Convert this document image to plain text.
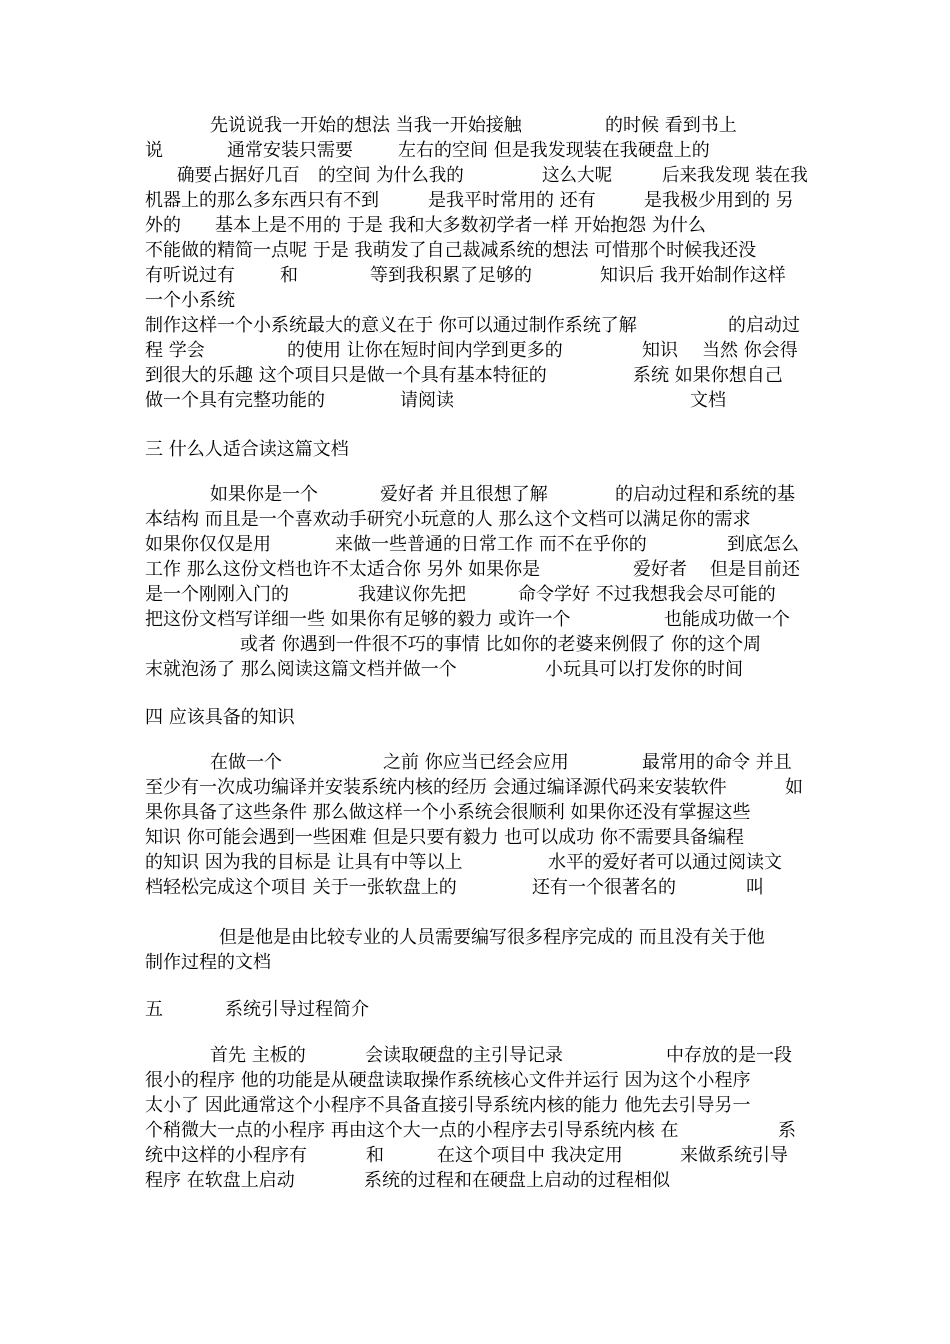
先说说我一开始的想法 当我一开始接触

	的时候 看到书上

说

	通常安装只需要

	左右的空间 但是我发现装在我硬盘上的

确要占据好几百

的空间 为什么我的

	这么大呢

	后来我发现 装在我

机器上的那么多东西只有不到

	是我平时常用的 还有

	是我极少用到的 另

外的

基本上是不用的 于是 我和大多数初学者一样 开始抱怨 为什么

不能做的精简一点呢 于是 我萌发了自己裁减系统的想法 可惜那个时候我还没

有听说过有

	和

	等到我积累了足够的

	知识后 我开始制作这样

一个小系统

制作这样一个小系统最大的意义在于 你可以通过制作系统了解

	的启动过

程 学会

	的使用 让你在短时间内学到更多的

	知识

当然 你会得

到很大的乐趣 这个项目只是做一个具有基本特征的

	系统 如果你想自己

做一个具有完整功能的

	请阅读

	文档

三 什么人适合读这篇文档

如果你是一个

	爱好者 并且很想了解

	的启动过程和系统的基

本结构 而且是一个喜欢动手研究小玩意的人 那么这个文档可以满足你的需求

如果你仅仅是用

	来做一些普通的日常工作 而不在乎你的

	到底怎么

工作 那么这份文档也许不太适合你 另外 如果你是

	爱好者

但是目前还

是一个刚刚入门的

	我建议你先把

	命令学好 不过我想我会尽可能的

把这份文档写详细一些 如果你有足够的毅力 或许一个

	也能成功做一个

或者 你遇到一件很不巧的事情 比如你的老婆来例假了 你的这个周

末就泡汤了 那么阅读这篇文档并做一个

	小玩具可以打发你的时间

四 应该具备的知识

在做一个

	之前 你应当已经会应用

	最常用的命令 并且

至少有一次成功编译并安装系统内核的经历 会通过编译源代码来安装软件

	如

果你具备了这些条件 那么做这样一个小系统会很顺利 如果你还没有掌握这些

知识 你可能会遇到一些困难 但是只要有毅力 也可以成功 你不需要具备编程

的知识 因为我的目标是 让具有中等以上

	水平的爱好者可以通过阅读文

档轻松完成这个项目 关于一张软盘上的

	还有一个很著名的

	叫

但是他是由比较专业的人员需要编写很多程序完成的 而且没有关于他

制作过程的文档

五

	系统引导过程简介

首先 主板的

	会读取硬盘的主引导记录

	中存放的是一段

很小的程序 他的功能是从硬盘读取操作系统核心文件并运行 因为这个小程序

太小了 因此通常这个小程序不具备直接引导系统内核的能力 他先去引导另一

个稍微大一点的小程序 再由这个大一点的小程序去引导系统内核 在

	系

统中这样的小程序有

	和

	在这个项目中 我决定用

	来做系统引导

程序 在软盘上启动

	系统的过程和在硬盘上启动的过程相似
